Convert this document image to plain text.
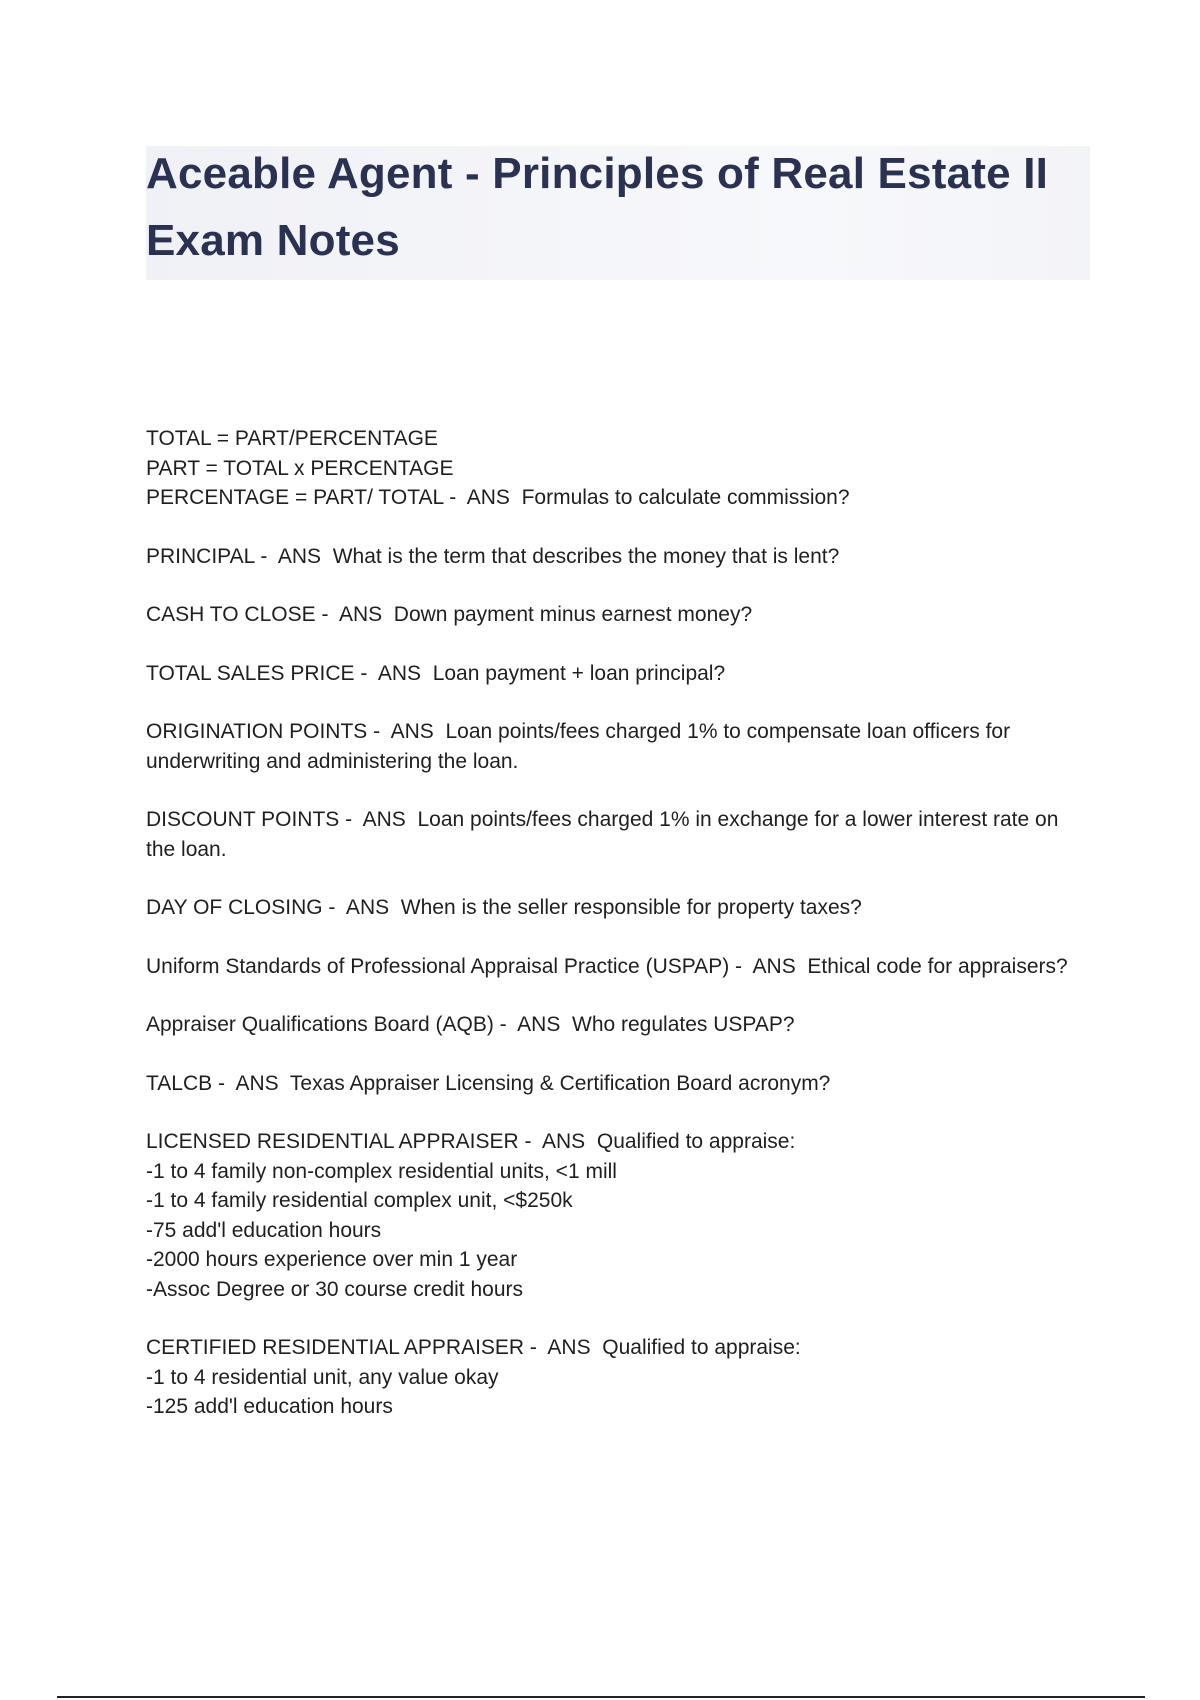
Aceable Agent - Principles of Real Estate II Exam Notes
TOTAL = PART/PERCENTAGE
PART = TOTAL x PERCENTAGE
PERCENTAGE = PART/ TOTAL -  ANS  Formulas to calculate commission?
PRINCIPAL -  ANS  What is the term that describes the money that is lent?
CASH TO CLOSE -  ANS  Down payment minus earnest money?
TOTAL SALES PRICE -  ANS  Loan payment + loan principal?
ORIGINATION POINTS -  ANS  Loan points/fees charged 1% to compensate loan officers for underwriting and administering the loan.
DISCOUNT POINTS -  ANS  Loan points/fees charged 1% in exchange for a lower interest rate on the loan.
DAY OF CLOSING -  ANS  When is the seller responsible for property taxes?
Uniform Standards of Professional Appraisal Practice (USPAP) -  ANS  Ethical code for appraisers?
Appraiser Qualifications Board (AQB) -  ANS  Who regulates USPAP?
TALCB -  ANS  Texas Appraiser Licensing & Certification Board acronym?
LICENSED RESIDENTIAL APPRAISER -  ANS  Qualified to appraise:
-1 to 4 family non-complex residential units, <1 mill
-1 to 4 family residential complex unit, <$250k
-75 add'l education hours
-2000 hours experience over min 1 year
-Assoc Degree or 30 course credit hours
CERTIFIED RESIDENTIAL APPRAISER -  ANS  Qualified to appraise:
-1 to 4 residential unit, any value okay
-125 add'l education hours
